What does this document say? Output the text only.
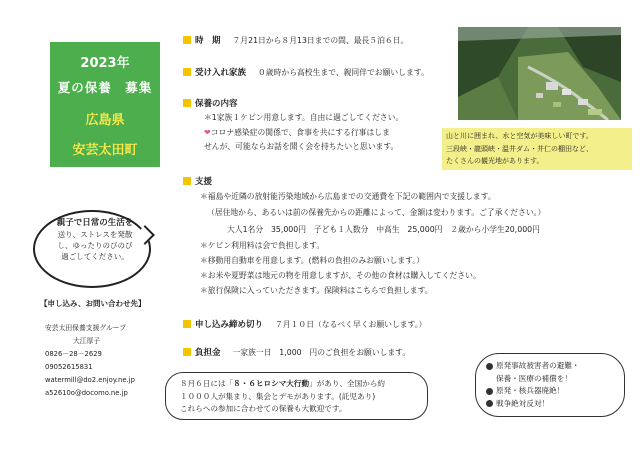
2023年
夏の保養　募集
広島県
安芸太田町
親子で日常の生活を
送り、ストレスを発散
し、ゆったりのびのび
過ごしてください。
【申し込み、お問い合わせ先】
安芸太田保養支援グループ
大江厚子
0826－28－2629
09052615831
watermill@do2.enjoy.ne.jp
a52610o@docomo.ne.jp
時　期 ７月21日から８月13日までの間、最長５泊６日。
受け入れ家族 ０歳時から高校生まで、親同伴でお願いします。
保養の内容
＊1家族１ケビン用意します。自由に過ごしてください。
❤コロナ感染症の関係で、食事を共にする行事はしま
せんが、可能ならお話を聞く会を持ちたいと思います。
山と川に囲まれ、水と空気が美味しい町です。
三段峡・龍頭峡・温井ダム・井仁の棚田など、
たくさんの観光地があります。
支援
＊福島や近隣の放射能汚染地域から広島までの交通費を下記の範囲内で支援します。
（居住地から、あるいは前の保養先からの距離によって、金額は変わります。ご了承ください。）
大人1名分　35,000円　子ども１人数分　中高生　25,000円　２歳から小学生20,000円
＊ケビン利用料は会で負担します。
＊移動用自動車を用意します。(燃料の負担のみお願いします。）
＊お米や夏野菜は地元の物を用意しますが、その他の食材は購入してください。
＊旅行保険に入っていただきます。保険料はこちらで負担します。
申し込み締め切り ７月１０日（なるべく早くお願いします。）
負担金 一家族一日　1,000　円のご負担をお願いします。
８月６日には「８・６ヒロシマ大行動」があり、全国から約
１０００人が集まり、集会とデモがあります。(託児あり)
これらへの参加に合わせての保養も大歓迎です。
原発事故被害者の避難・
保養・医療の補償を！
原発・核兵器廃絶！
戦争絶対反対！
